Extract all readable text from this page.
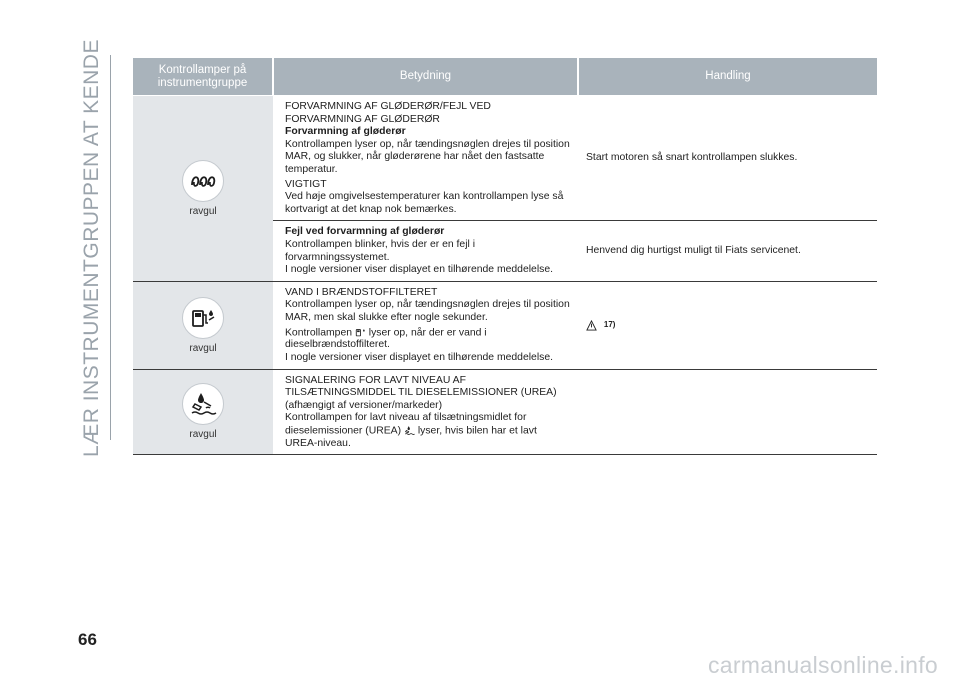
LÆR INSTRUMENTGRUPPEN AT KENDE	Kontrollamper på instrumentgruppe	Betydning	Handling

ravgul	FORVARMNING AF GLØDERØR/FEJL VED FORVARMNING AF GLØDERØR
Forvarmning af gløderør
Kontrollampen lyser op, når tændingsnøglen drejes til position MAR, og slukker, når gløderørene har nået den fastsatte temperatur.
VIGTIGT
Ved høje omgivelsestemperaturer kan kontrollampen lyse så kortvarigt at det knap nok bemærkes.	Start motoren så snart kontrollampen slukkes.

	Fejl ved forvarmning af gløderør
Kontrollampen blinker, hvis der er en fejl i forvarmningssystemet.
I nogle versioner viser displayet en tilhørende meddelelse.	Henvend dig hurtigst muligt til Fiats servicenet.

ravgul	VAND I BRÆNDSTOFFILTERET
Kontrollampen lyser op, når tændingsnøglen drejes til position MAR, men skal slukke efter nogle sekunder.
Kontrollampen lyser op, når der er vand i dieselbrændstoffilteret.
I nogle versioner viser displayet en tilhørende meddelelse.	17)

ravgul	SIGNALERING FOR LAVT NIVEAU AF TILSÆTNINGSMIDDEL TIL DIESELEMISSIONER (UREA)
(afhængigt af versioner/markeder)
Kontrollampen for lavt niveau af tilsætningsmidlet for dieselemissioner (UREA) lyser, hvis bilen har et lavt UREA-niveau.	

66
carmanualsonline.info
